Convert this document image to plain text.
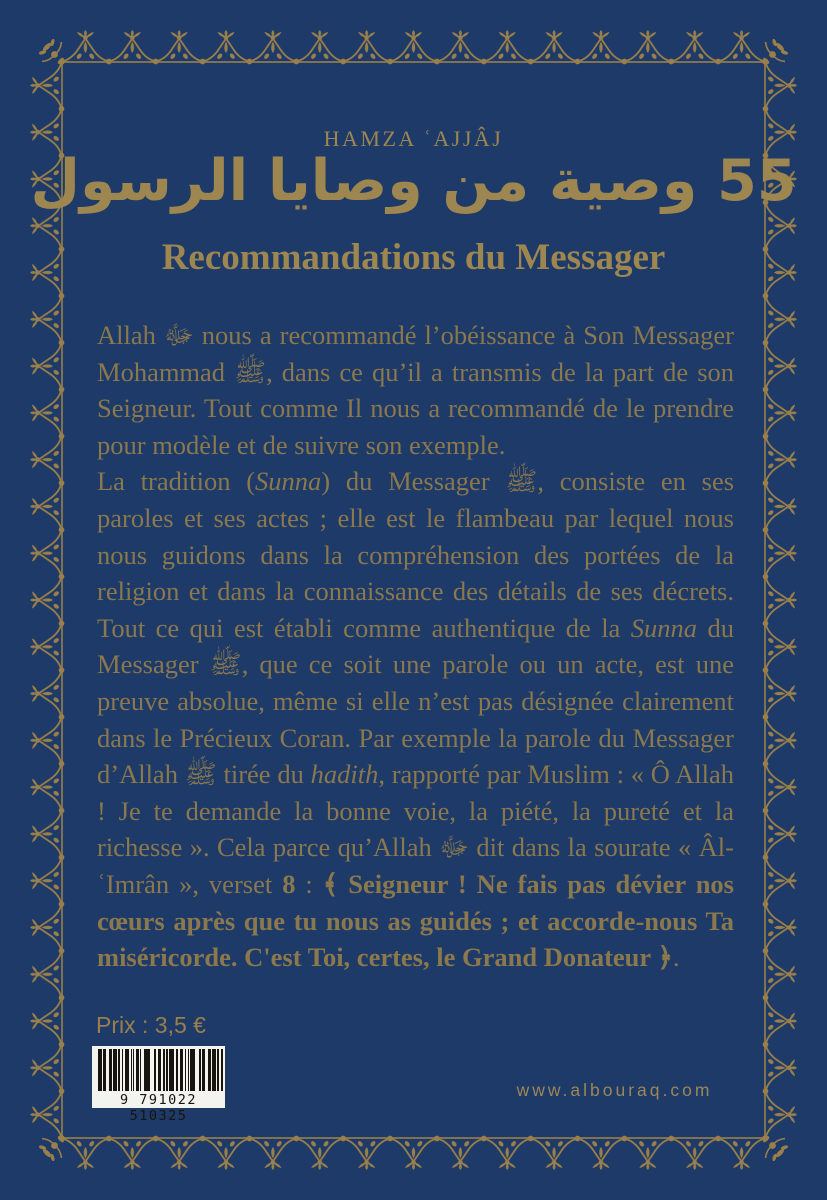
HAMZA ʿAJJÂJ
55 وصية من وصايا الرسول
Recommandations du Messager

Allah ﷻ nous a recommandé l’obéissance à Son Messager Mohammad ﷺ, dans ce qu’il a transmis de la part de son Seigneur. Tout comme Il nous a recommandé de le prendre pour modèle et de suivre son exemple.

La tradition (Sunna) du Messager ﷺ, consiste en ses paroles et ses actes ; elle est le flambeau par lequel nous nous guidons dans la compréhension des portées de la religion et dans la connaissance des détails de ses décrets. Tout ce qui est établi comme authentique de la Sunna du Messager ﷺ, que ce soit une parole ou un acte, est une preuve absolue, même si elle n’est pas désignée clairement dans le Précieux Coran. Par exemple la parole du Messager d’Allah ﷺ tirée du hadith, rapporté par Muslim : « Ô Allah ! Je te demande la bonne voie, la piété, la pureté et la richesse ». Cela parce qu’Allah ﷻ dit dans la sourate « Âl-ʿImrân », verset 8 : ﴾ Seigneur ! Ne fais pas dévier nos cœurs après que tu nous as guidés ; et accorde-nous Ta miséricorde. C'est Toi, certes, le Grand Donateur ﴿.

Prix : 3,5 €
9 791022 510325
www.albouraq.com
